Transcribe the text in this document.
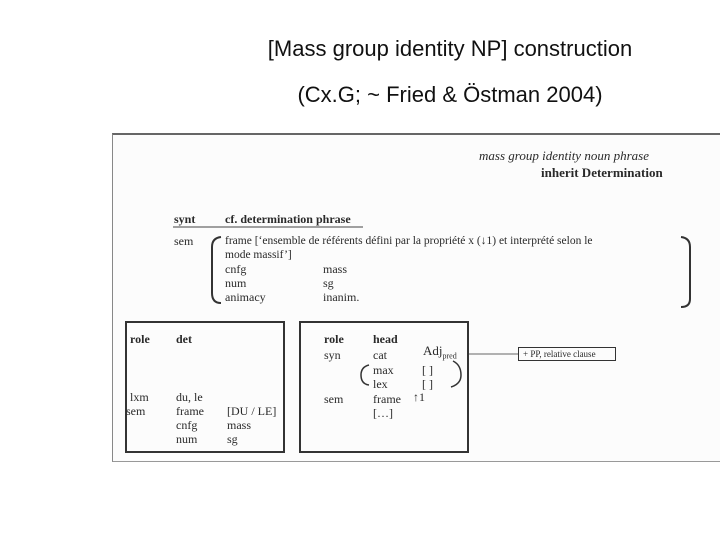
[Mass group identity NP] construction
(Cx.G; ~ Fried & Östman 2004)
mass group identity noun phrase
inherit Determination
synt cf. determination phrase
sem	frame [‘ensemble de référents défini par la propriété x (↓1) et interprété selon le
mode massif’]
cnfg	mass
num	sg
animacy	inanim.
role det
lxm du, le
sem	frame [DU / LE]
cnfg mass
num sg
role head
syn	cat	Adj$_{pred}$
max [ ]
lex	[ ]
sem frame ↑1
[…]
+ PP, relative clause
